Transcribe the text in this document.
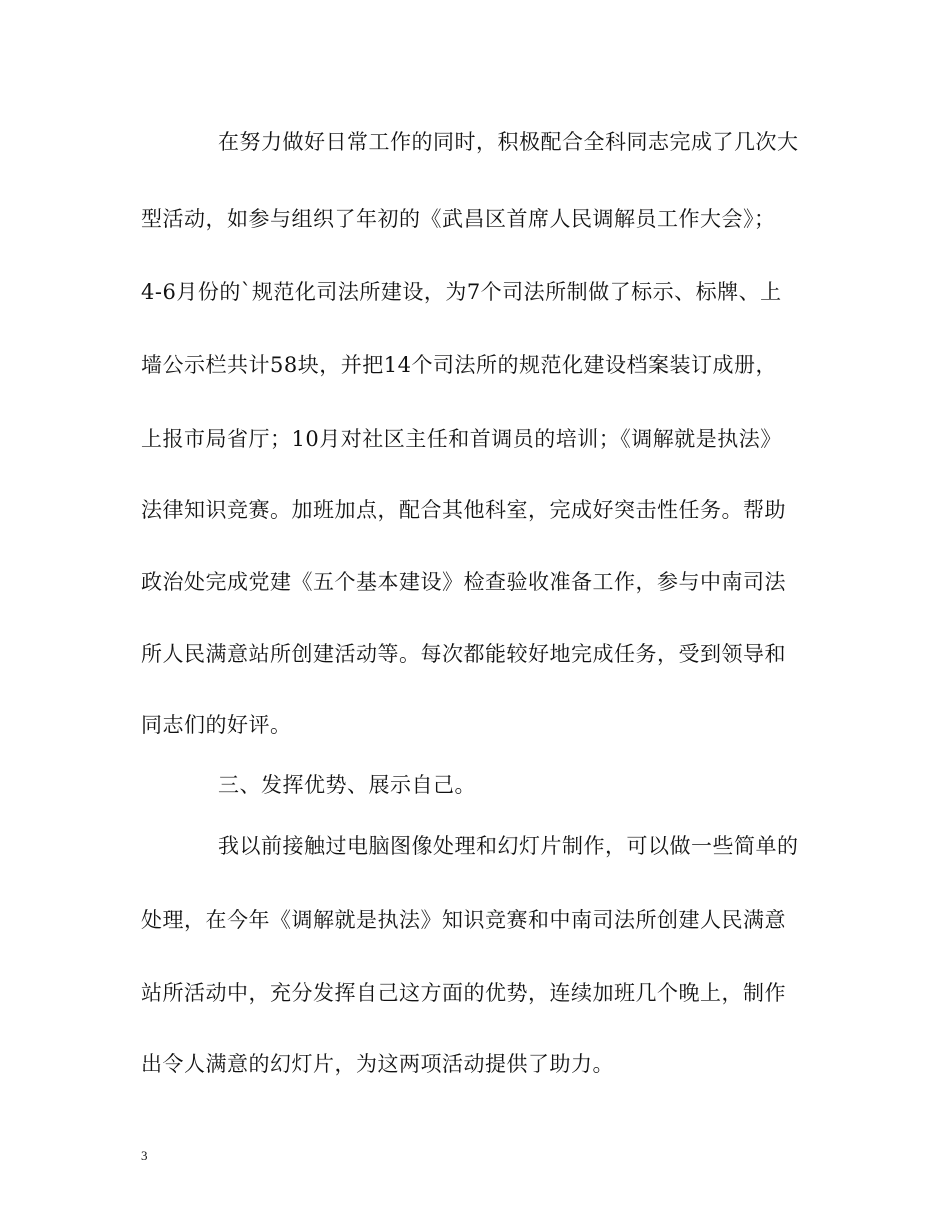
在努力做好日常工作的同时，积极配合全科同志完成了几次大
型活动，如参与组织了年初的《武昌区首席人民调解员工作大会》；
4-6月份的`规范化司法所建设，为7个司法所制做了标示、标牌、上
墙公示栏共计58块，并把14个司法所的规范化建设档案装订成册，
上报市局省厅；10月对社区主任和首调员的培训；《调解就是执法》
法律知识竞赛。加班加点，配合其他科室，完成好突击性任务。帮助
政治处完成党建《五个基本建设》检查验收准备工作，参与中南司法
所人民满意站所创建活动等。每次都能较好地完成任务，受到领导和
同志们的好评。
三、发挥优势、展示自己。
我以前接触过电脑图像处理和幻灯片制作，可以做一些简单的
处理，在今年《调解就是执法》知识竞赛和中南司法所创建人民满意
站所活动中，充分发挥自己这方面的优势，连续加班几个晚上，制作
出令人满意的幻灯片，为这两项活动提供了助力。
3
